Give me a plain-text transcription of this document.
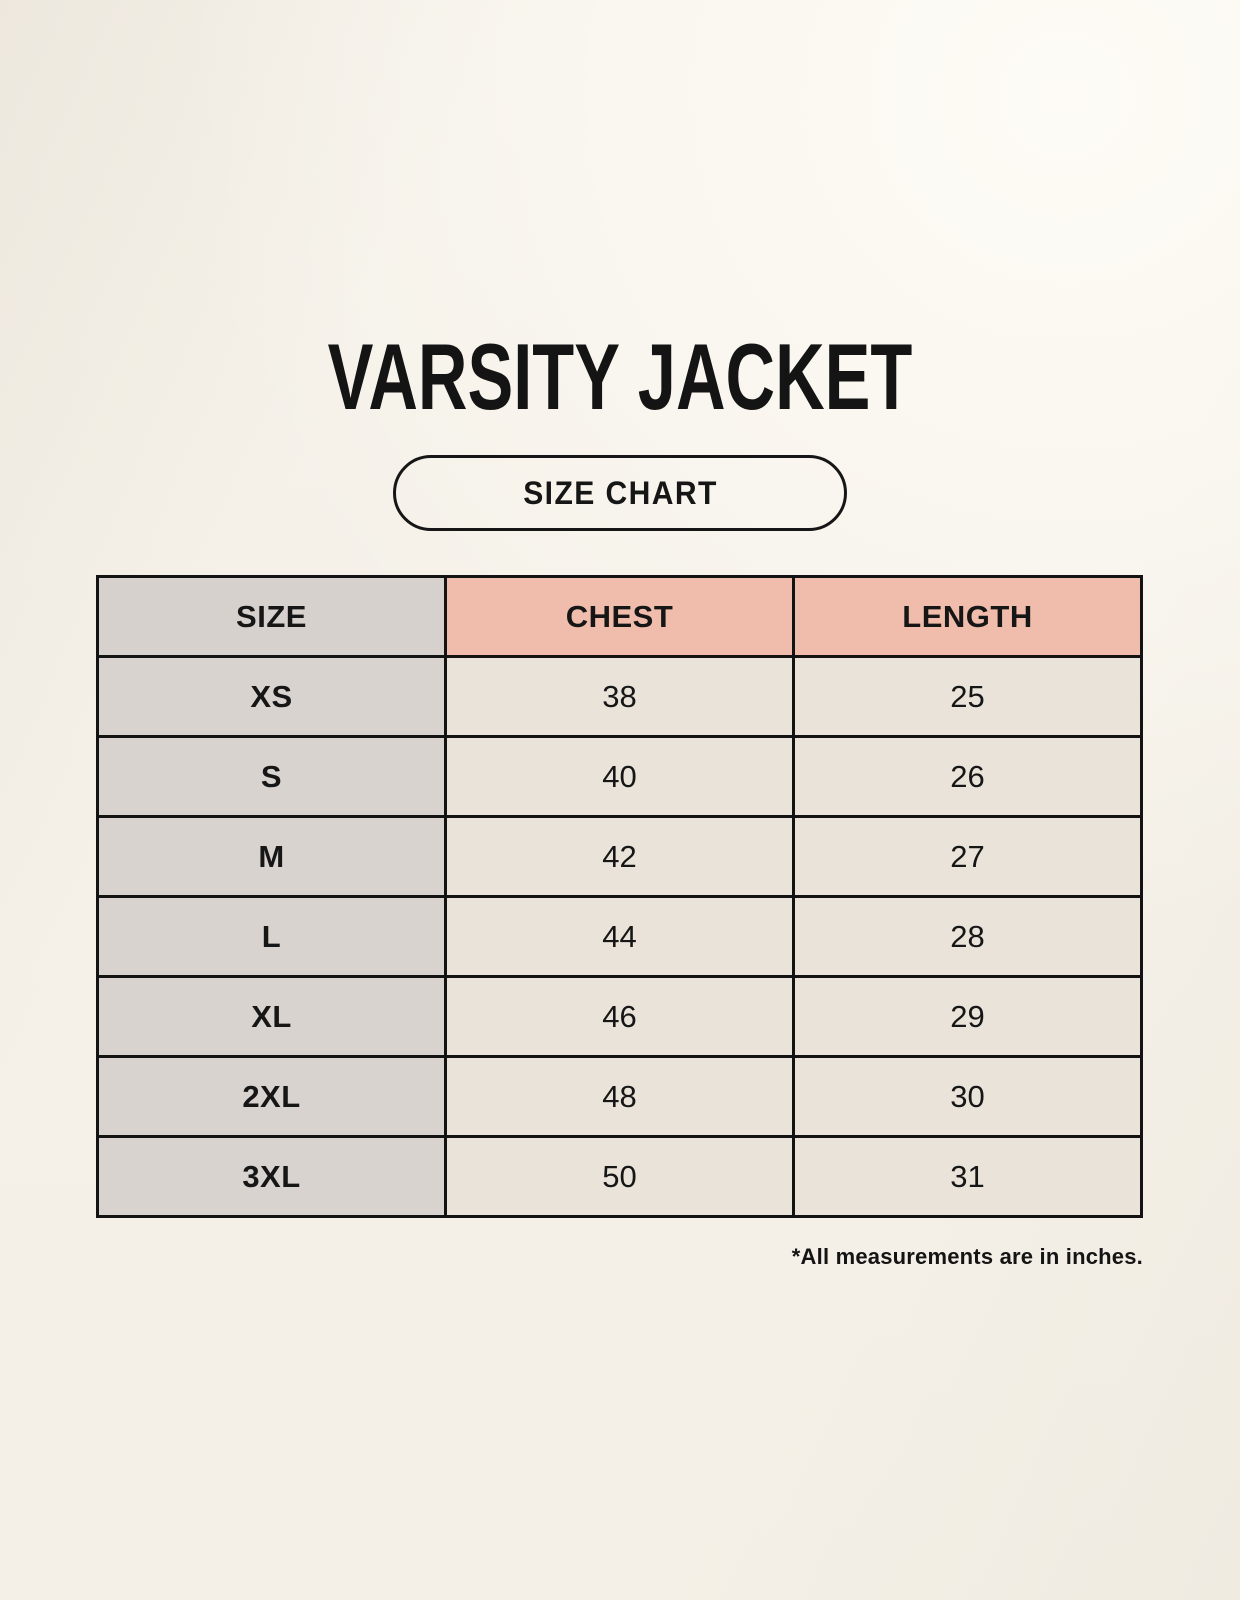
VARSITY JACKET
SIZE CHART
SIZE	CHEST	LENGTH
XS	38	25
S	40	26
M	42	27
L	44	28
XL	46	29
2XL	48	30
3XL	50	31
*All measurements are in inches.
